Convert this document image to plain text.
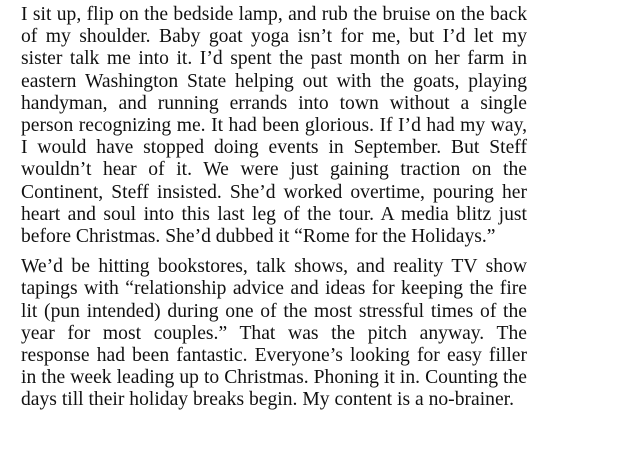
I sit up, flip on the bedside lamp, and rub the bruise on the back of my shoulder. Baby goat yoga isn’t for me, but I’d let my sister talk me into it. I’d spent the past month on her farm in eastern Washington State helping out with the goats, playing handyman, and running errands into town without a single person recognizing me. It had been glorious. If I’d had my way, I would have stopped doing events in September. But Steff wouldn’t hear of it. We were just gaining traction on the Continent, Steff insisted. She’d worked overtime, pouring her heart and soul into this last leg of the tour. A media blitz just before Christmas. She’d dubbed it “Rome for the Holidays.”

We’d be hitting bookstores, talk shows, and reality TV show tapings with “relationship advice and ideas for keeping the fire lit (pun intended) during one of the most stressful times of the year for most couples.” That was the pitch anyway. The response had been fantastic. Everyone’s looking for easy filler in the week leading up to Christmas. Phoning it in. Counting the days till their holiday breaks begin. My content is a no-brainer.
